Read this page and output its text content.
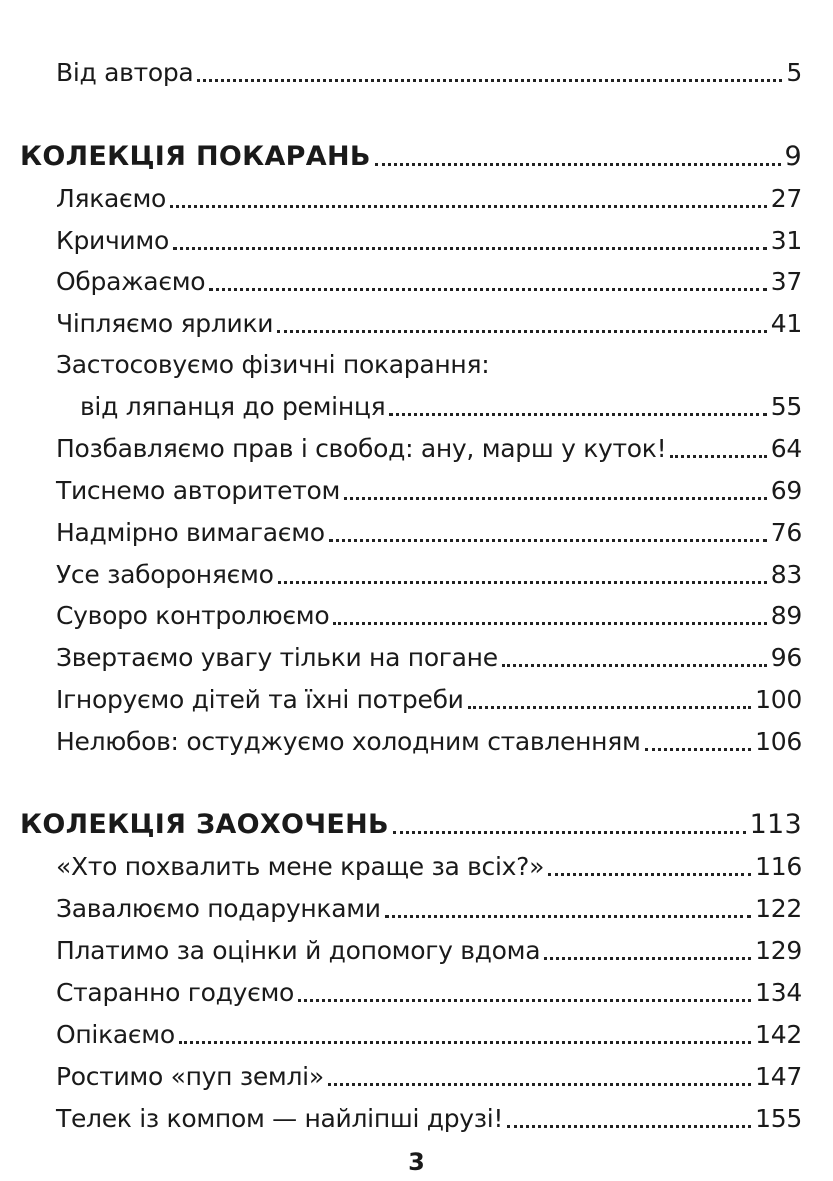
Від автора	5
КОЛЕКЦІЯ ПОКАРАНЬ	9
Лякаємо	27
Кричимо	31
Ображаємо	37
Чіпляємо ярлики	41
Застосовуємо фізичні покарання:
від ляпанця до ремінця	55
Позбавляємо прав і свобод: ану, марш у куток!	64
Тиснемо авторитетом	69
Надмірно вимагаємо	76
Усе забороняємо	83
Суворо контролюємо	89
Звертаємо увагу тільки на погане	96
Ігноруємо дітей та їхні потреби	100
Нелюбов: остуджуємо холодним ставленням	106
КОЛЕКЦІЯ ЗАОХОЧЕНЬ	113
«Хто похвалить мене краще за всіх?»	116
Завалюємо подарунками	122
Платимо за оцінки й допомогу вдома	129
Старанно годуємо	134
Опікаємо	142
Ростимо «пуп землі»	147
Телек із компом — найліпші друзі!	155
3
